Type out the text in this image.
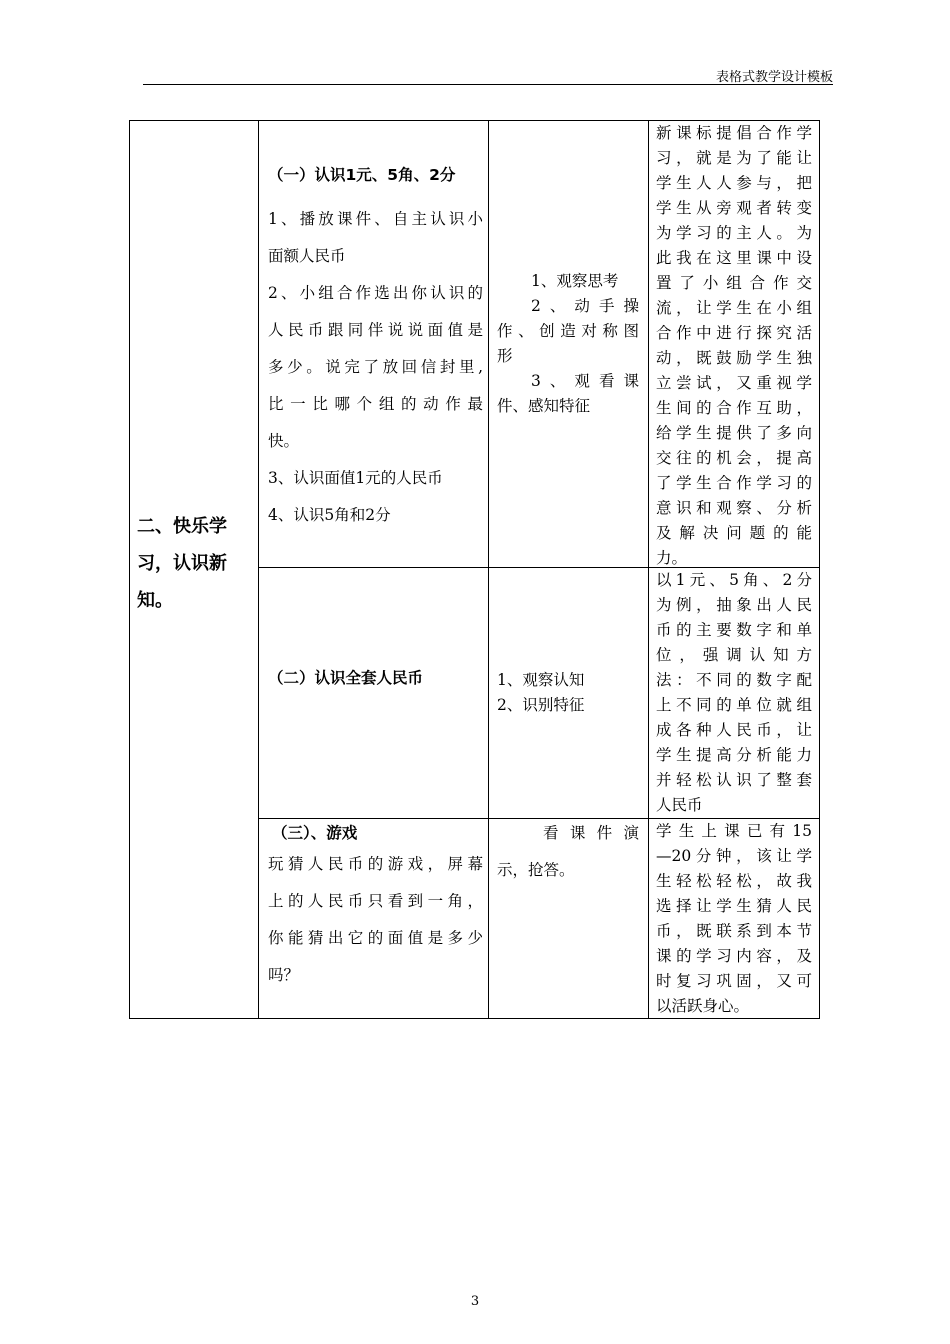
表格式教学设计模板
二、快乐学习，认识新知。
（一）认识1元、5角、2分

1、播放课件、自主认识小

面额人民币

2、小组合作选出你认识的

人民币跟同伴说说面值是

多少。说完了放回信封里,

比一比哪个组的动作最

快。

3、认识面值1元的人民币

4、认识5角和2分

1、观察思考

2、动手操

作、创造对称图

形

3、观看课

件、感知特征

新课标提倡合作学

习，就是为了能让

学生人人参与，把

学生从旁观者转变

为学习的主人。为

此我在这里课中设

置了小组合作交

流，让学生在小组

合作中进行探究活

动，既鼓励学生独

立尝试，又重视学

生间的合作互助，

给学生提供了多向

交往的机会，提高

了学生合作学习的

意识和观察、分析

及解决问题的能

力。

（二）认识全套人民币	1、观察认知

2、识别特征

以1元、5角、2分

为例，抽象出人民

币的主要数字和单

位，强调认知方

法：不同的数字配

上不同的单位就组

成各种人民币，让

学生提高分析能力

并轻松认识了整套

人民币

（三）、游戏

玩猜人民币的游戏，屏幕

上的人民币只看到一角，

你能猜出它的面值是多少

吗？

看课件演

示，抢答。

学生上课已有15

—20分钟，该让学

生轻松轻松，故我

选择让学生猜人民

币，既联系到本节

课的学习内容，及

时复习巩固，又可

以活跃身心。

3
